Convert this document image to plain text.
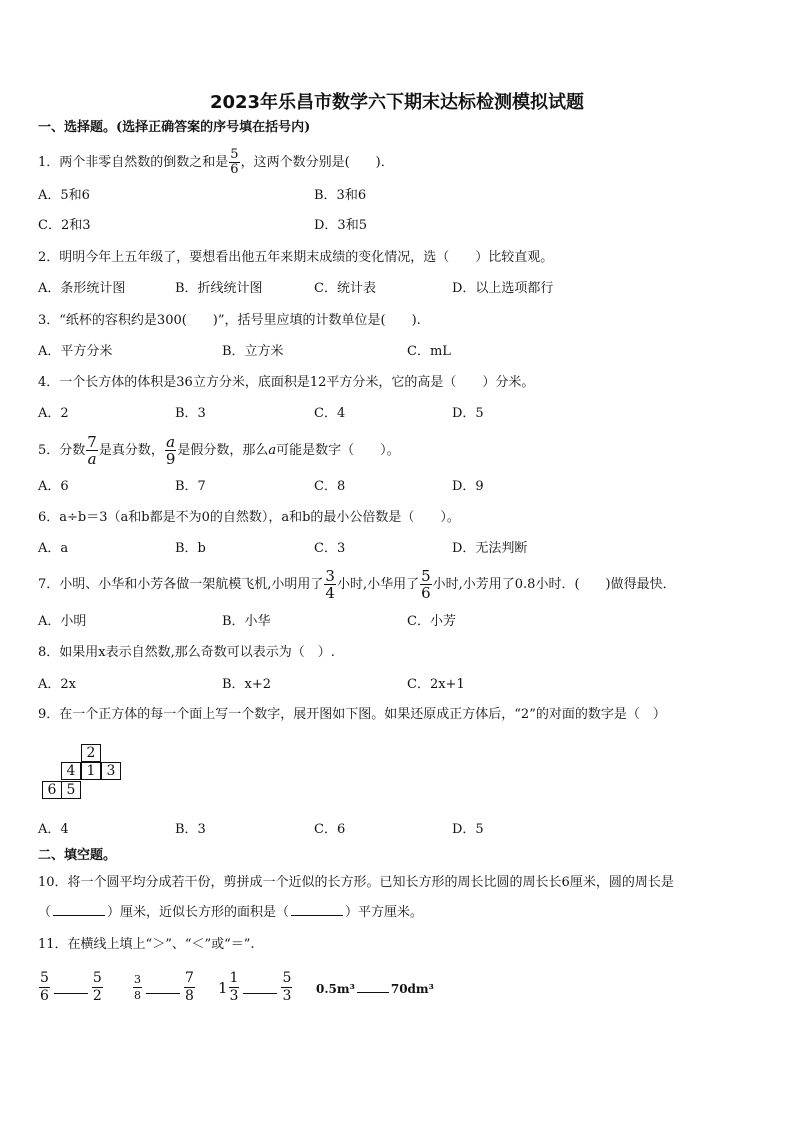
2023年乐昌市数学六下期末达标检测模拟试题
一、选择题。(选择正确答案的序号填在括号内)
1．两个非零自然数的倒数之和是 $\frac{5}{6}$ ，这两个数分别是(　　)．
A．5和6	B．3和6
C．2和3	D．3和5
2．明明今年上五年级了，要想看出他五年来期末成绩的变化情况，选（　　）比较直观。
A．条形统计图	B．折线统计图	C．统计表	D．以上选项都行
3．“纸杯的容积约是300(　　)”，括号里应填的计数单位是(　　).
A．平方分米	B．立方米	C．mL
4．一个长方体的体积是36立方分米，底面积是12平方分米，它的高是（　　）分米。
A．2	B．3	C．4	D．5
5．分数 $\frac{7}{a}$ 是真分数， $\frac{a}{9}$ 是假分数，那么a可能是数字（　　）。
A．6	B．7	C．8	D．9
6．a÷b＝3（a和b都是不为0的自然数），a和b的最小公倍数是（　　）。
A．a	B．b	C．3	D．无法判断
7．小明、小华和小芳各做一架航模飞机,小明用了 $\frac{3}{4}$ 小时,小华用了 $\frac{5}{6}$ 小时,小芳用了0.8小时．(　　)做得最快．
A．小明	B．小华	C．小芳
8．如果用x表示自然数,那么奇数可以表示为（　）.
A．2x	B．x+2	C．2x+1
9．在一个正方体的每一个面上写一个数字，展开图如下图。如果还原成正方体后，“2”的对面的数字是（　）
2
4 1 3
6 5
A．4	B．3	C．6	D．5
二、填空题。
10．将一个圆平均分成若干份，剪拼成一个近似的长方形。已知长方形的周长比圆的周长长6厘米，圆的周长是
（	）厘米，近似长方形的面积是（	）平方厘米。
11．在横线上填上“＞”、“＜”或“＝”.
$\frac{5}{6}$	$\frac{5}{2}$	$\frac{3}{8}$	$\frac{7}{8} 1 \frac{1}{3}$	$\frac{5}{3} 0.5m^3$	70dm³
